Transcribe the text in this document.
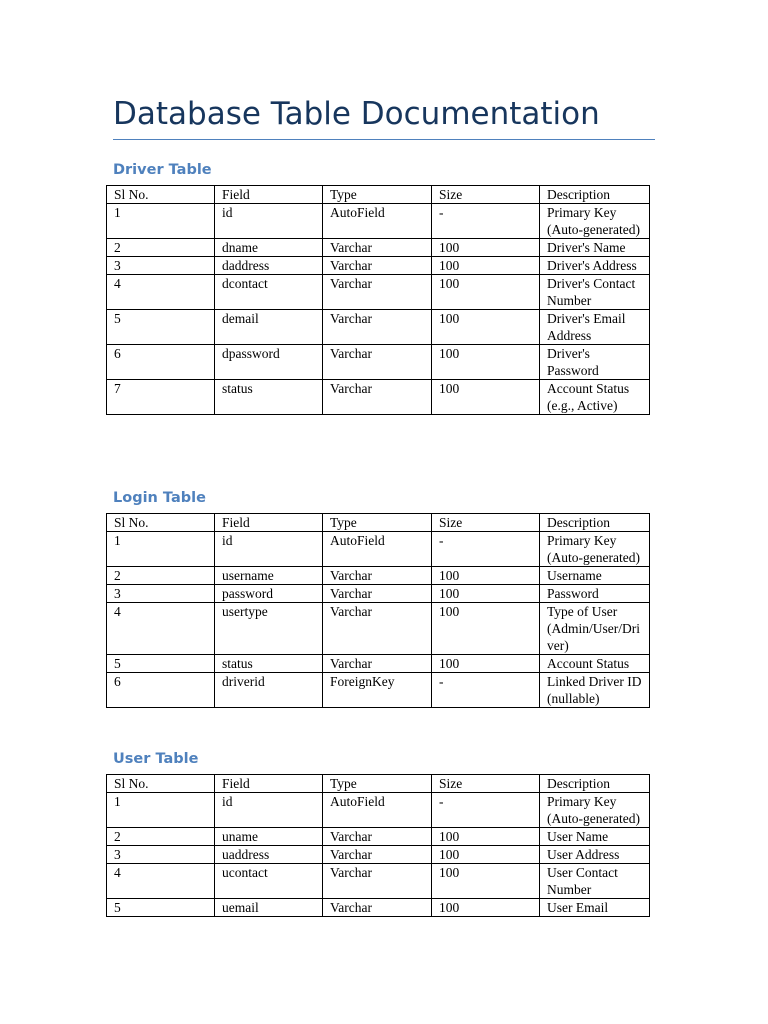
Database Table Documentation
Driver Table
Sl No.	Field	Type	Size	Description
1	id	AutoField	-	Primary Key (Auto-generated)
2	dname	Varchar	100	Driver's Name
3	daddress	Varchar	100	Driver's Address
4	dcontact	Varchar	100	Driver's Contact Number
5	demail	Varchar	100	Driver's Email Address
6	dpassword	Varchar	100	Driver's Password
7	status	Varchar	100	Account Status (e.g., Active)
Login Table
Sl No.	Field	Type	Size	Description
1	id	AutoField	-	Primary Key (Auto-generated)
2	username	Varchar	100	Username
3	password	Varchar	100	Password
4	usertype	Varchar	100	Type of User (Admin/User/Driver)
5	status	Varchar	100	Account Status
6	driverid	ForeignKey	-	Linked Driver ID (nullable)
User Table
Sl No.	Field	Type	Size	Description
1	id	AutoField	-	Primary Key (Auto-generated)
2	uname	Varchar	100	User Name
3	uaddress	Varchar	100	User Address
4	ucontact	Varchar	100	User Contact Number
5	uemail	Varchar	100	User Email
